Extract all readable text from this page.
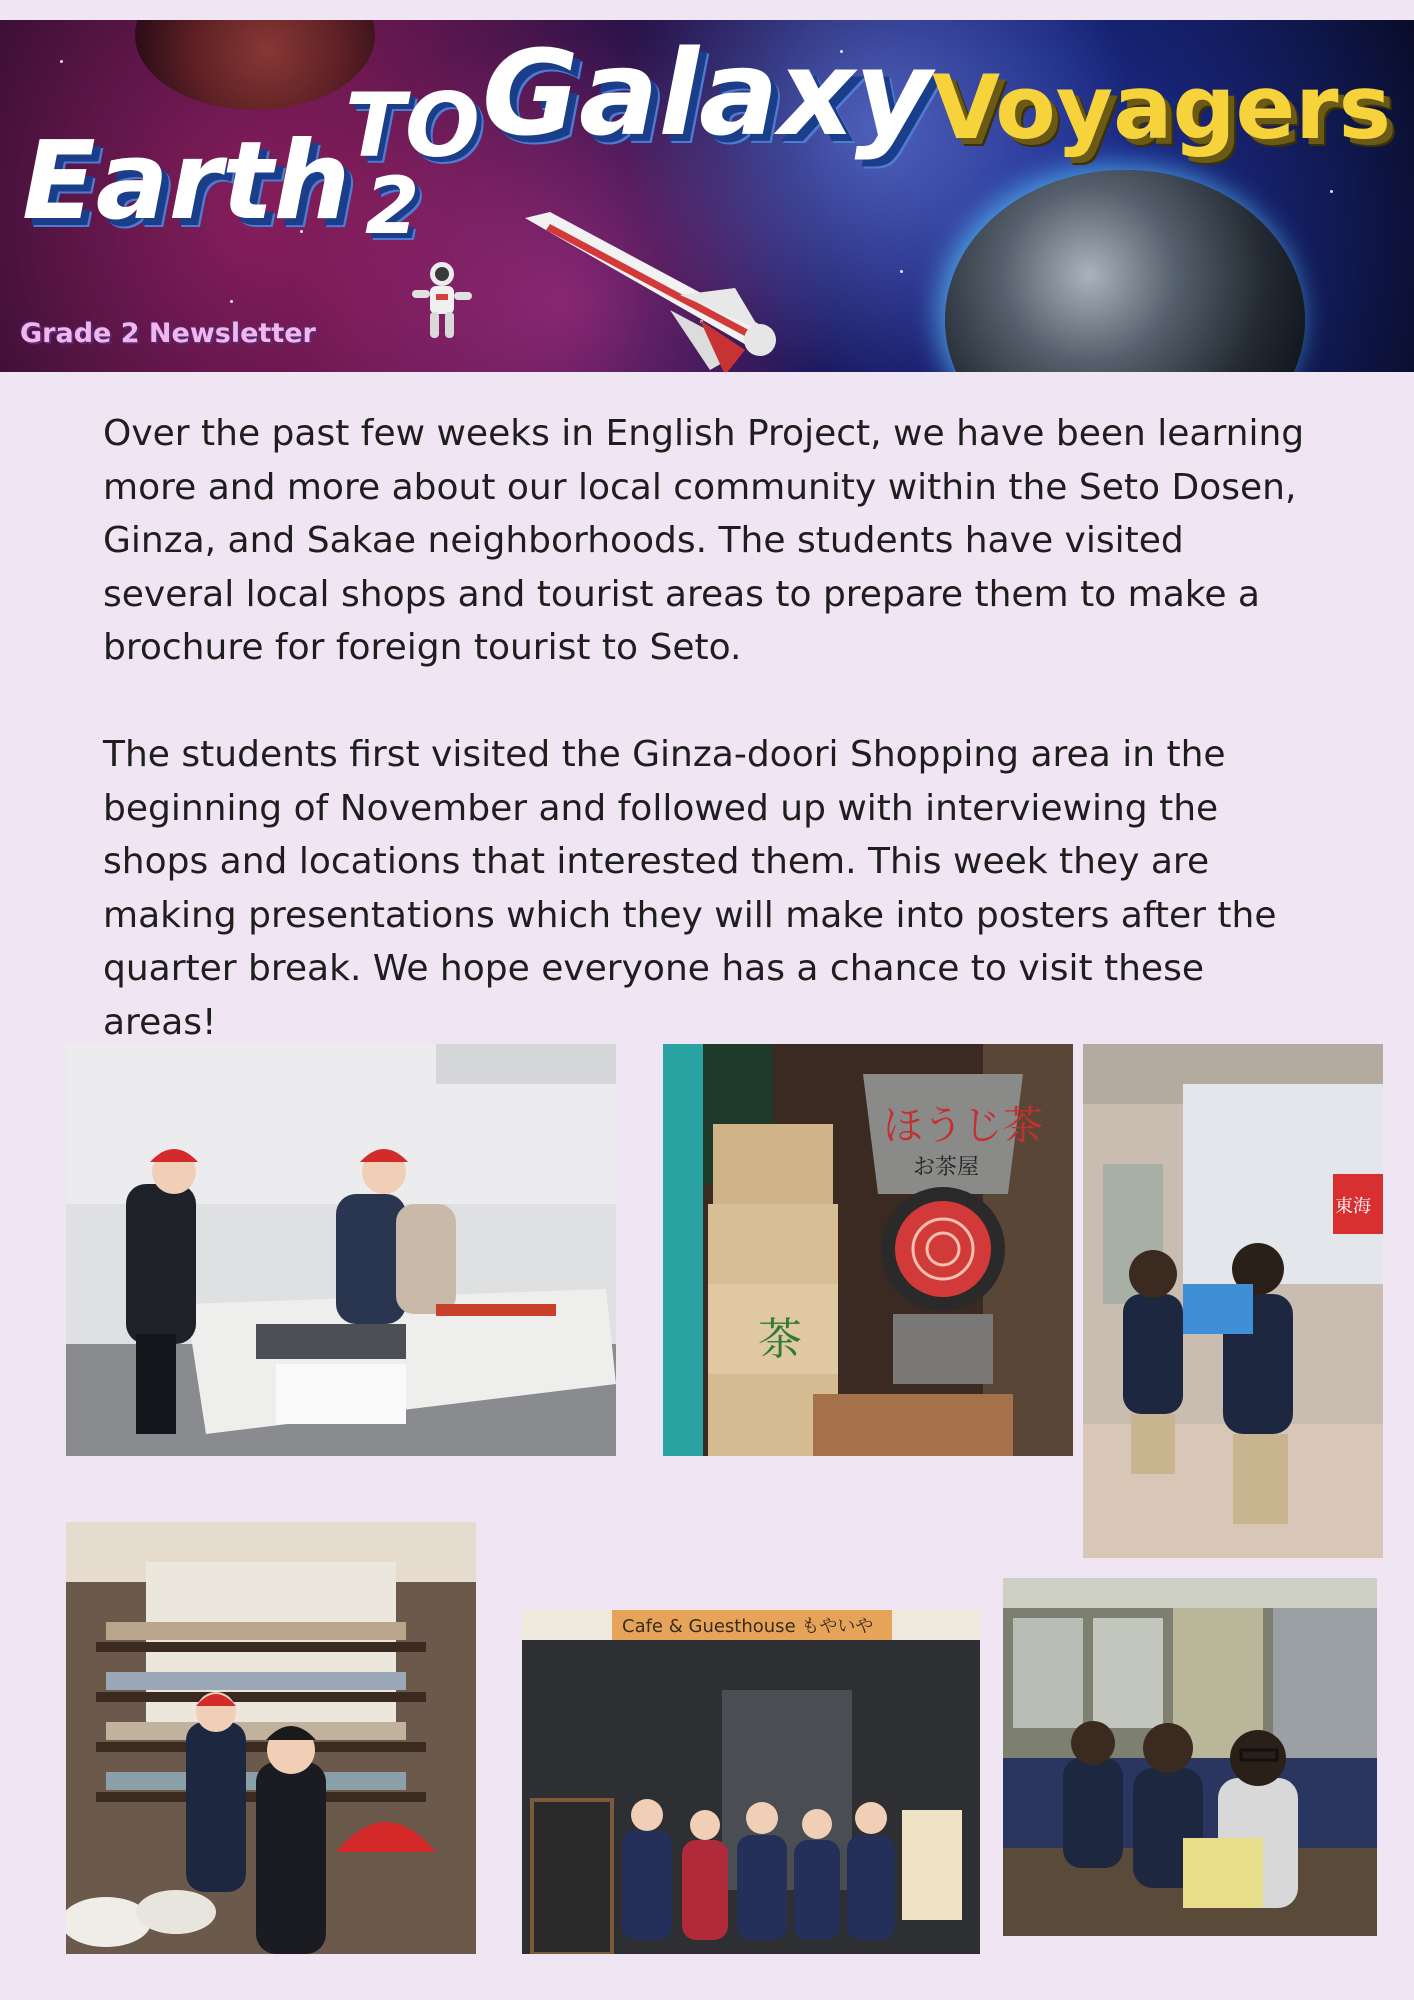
Earth

TO

2

Galaxy Voyagers

Grade 2 Newsletter

Over the past few weeks in English Project, we have been learning more and more about our local community within the Seto Dosen, Ginza, and Sakae neighborhoods. The students have visited several local shops and tourist areas to prepare them to make a brochure for foreign tourist to Seto.

The students first visited the Ginza-doori Shopping area in the beginning of November and followed up with interviewing the shops and locations that interested them. This week they are making presentations which they will make into posters after the quarter break. We hope everyone has a chance to visit these areas!

茶
ほうじ茶
お茶屋
東海
Cafe & Guesthouse もやいや
